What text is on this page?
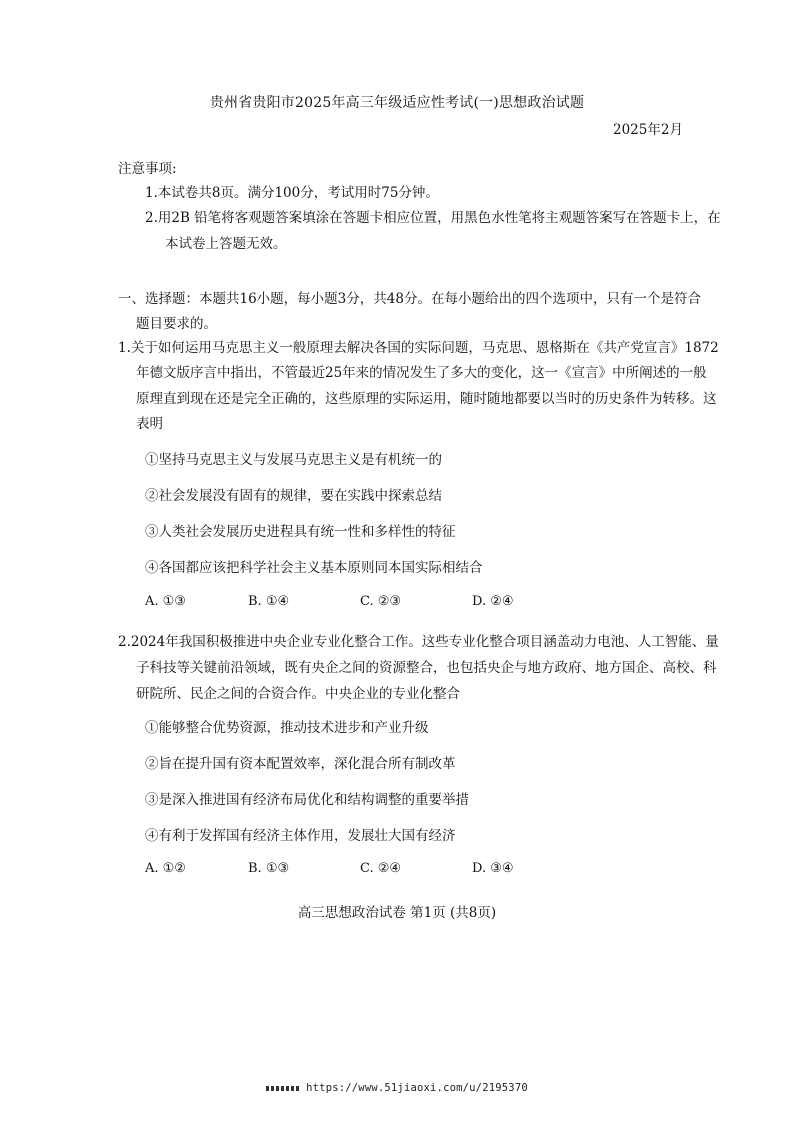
贵州省贵阳市2025年高三年级适应性考试(一)思想政治试题
2025年2月
注意事项:
1.本试卷共8页。满分100分，考试用时75分钟。
2.用2B 铅笔将客观题答案填涂在答题卡相应位置，用黑色水性笔将主观题答案写在答题卡上，在
本试卷上答题无效。
一、选择题：本题共16小题，每小题3分，共48分。在每小题给出的四个选项中，只有一个是符合
题目要求的。
1.关于如何运用马克思主义一般原理去解决各国的实际问题，马克思、恩格斯在《共产党宣言》1872
年德文版序言中指出，不管最近25年来的情况发生了多大的变化，这一《宣言》中所阐述的一般
原理直到现在还是完全正确的，这些原理的实际运用，随时随地都要以当时的历史条件为转移。这
表明
①坚持马克思主义与发展马克思主义是有机统一的
②社会发展没有固有的规律，要在实践中探索总结
③人类社会发展历史进程具有统一性和多样性的特征
④各国都应该把科学社会主义基本原则同本国实际相结合
A. ①③	B. ①④	C. ②③	D. ②④
2.2024年我国积极推进中央企业专业化整合工作。这些专业化整合项目涵盖动力电池、人工智能、量
子科技等关键前沿领域，既有央企之间的资源整合，也包括央企与地方政府、地方国企、高校、科
研院所、民企之间的合资合作。中央企业的专业化整合
①能够整合优势资源，推动技术进步和产业升级
②旨在提升国有资本配置效率，深化混合所有制改革
③是深入推进国有经济布局优化和结构调整的重要举措
④有利于发挥国有经济主体作用，发展壮大国有经济
A. ①②	B. ①③	C. ②④	D. ③④
高三思想政治试卷 第1页 (共8页)
https://www.51jiaoxi.com/u/2195370
